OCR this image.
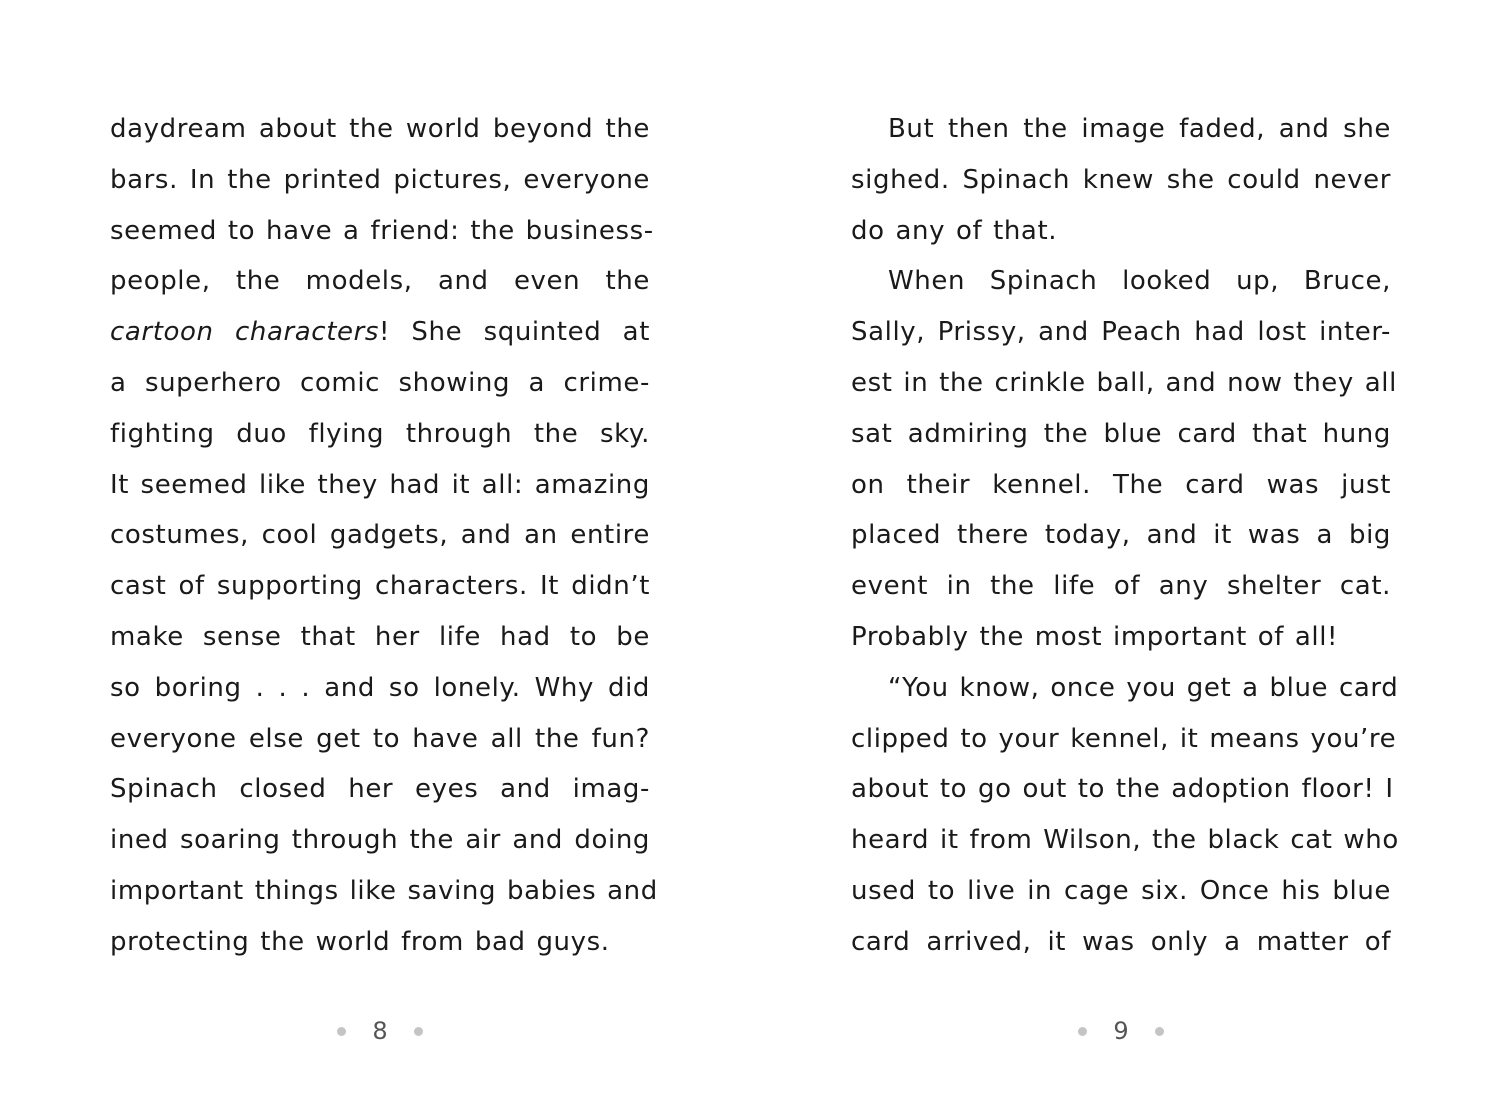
daydream about the world beyond the
bars. In the printed pictures, everyone
seemed to have a friend: the business-
people, the models, and even the
cartoon characters! She squinted at
a superhero comic showing a crime-
fighting duo flying through the sky.
It seemed like they had it all: amazing
costumes, cool gadgets, and an entire
cast of supporting characters. It didn’t
make sense that her life had to be
so boring . . . and so lonely. Why did
everyone else get to have all the fun?
Spinach closed her eyes and imag-
ined soaring through the air and doing
important things like saving babies and
protecting the world from bad guys.
8
But then the image faded, and she
sighed. Spinach knew she could never
do any of that.
When Spinach looked up, Bruce,
Sally, Prissy, and Peach had lost inter-
est in the crinkle ball, and now they all
sat admiring the blue card that hung
on their kennel. The card was just
placed there today, and it was a big
event in the life of any shelter cat.
Probably the most important of all!
“You know, once you get a blue card
clipped to your kennel, it means you’re
about to go out to the adoption floor! I
heard it from Wilson, the black cat who
used to live in cage six. Once his blue
card arrived, it was only a matter of
9
